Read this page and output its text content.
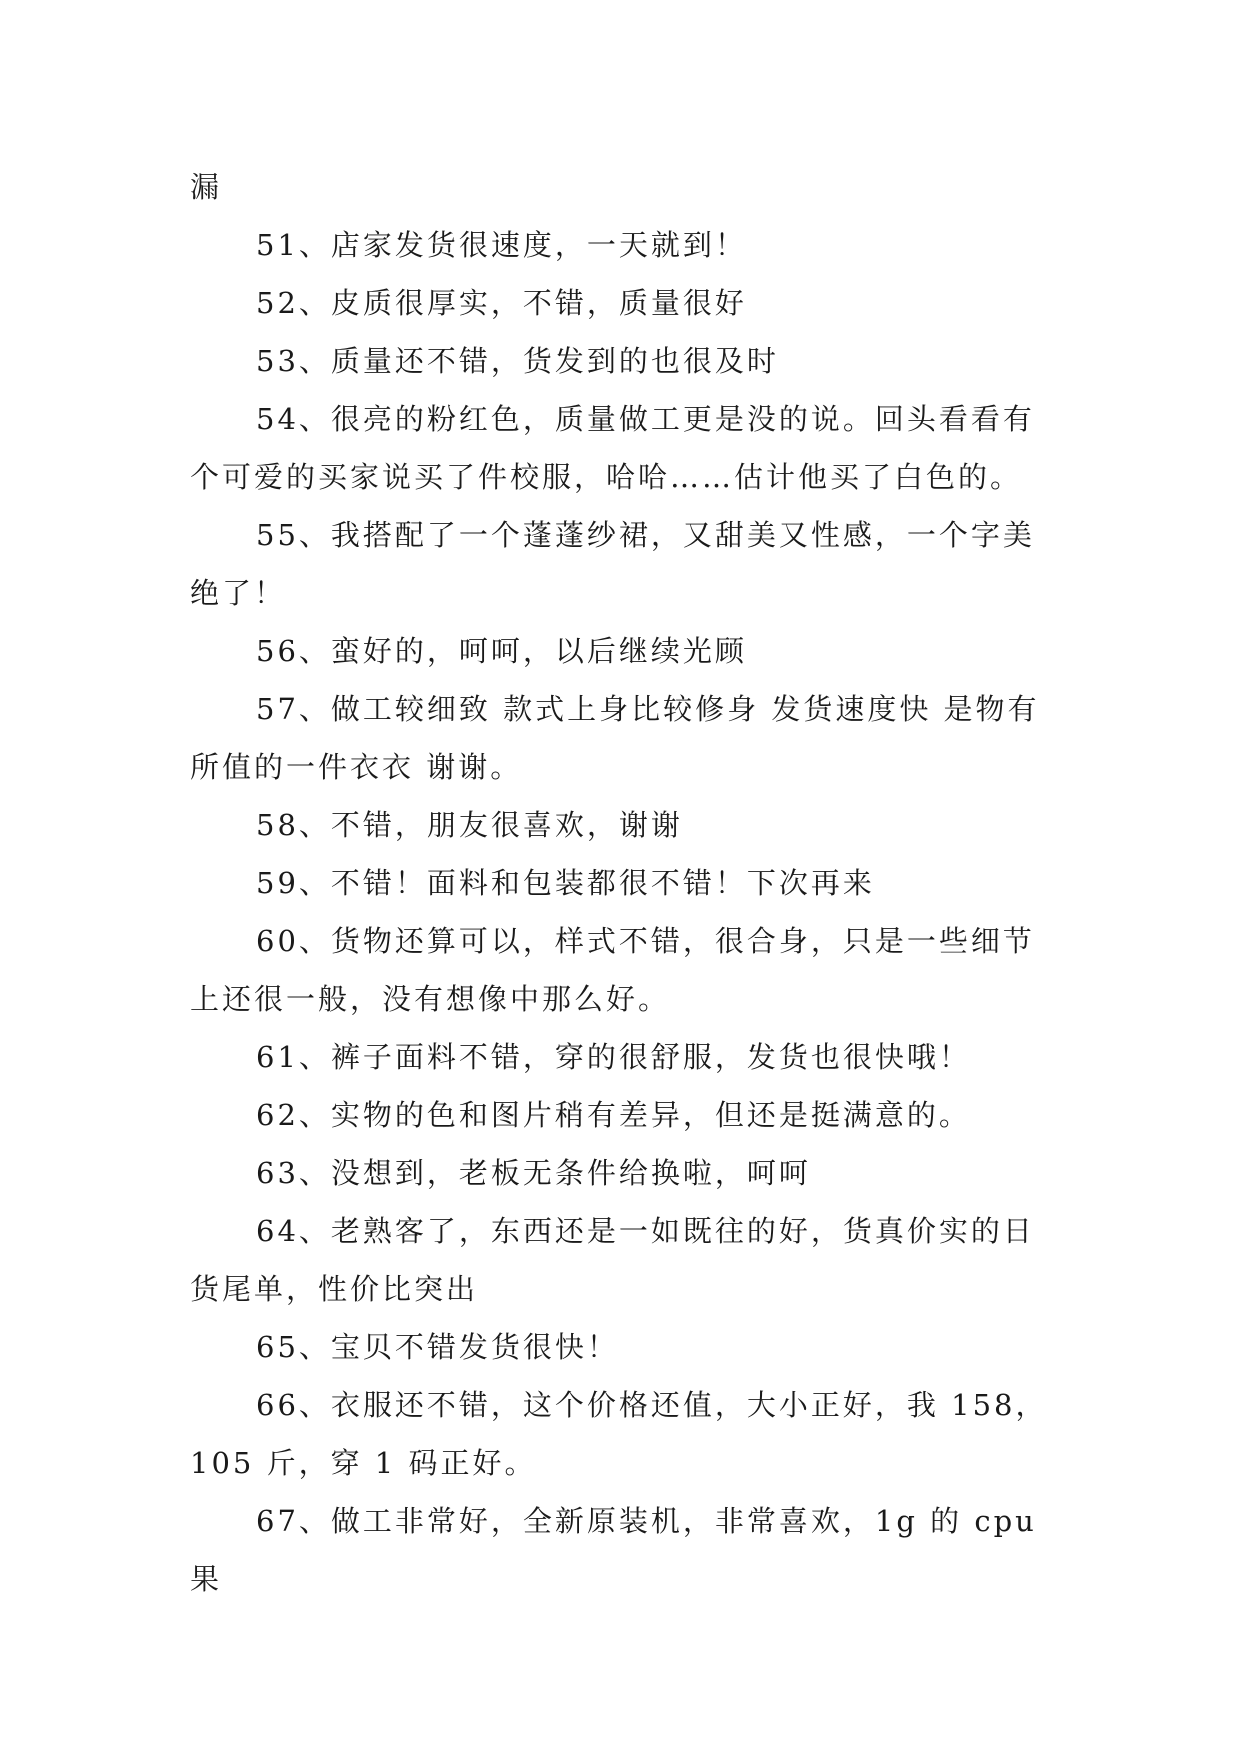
漏

51、店家发货很速度，一天就到！

52、皮质很厚实，不错，质量很好

53、质量还不错，货发到的也很及时

54、很亮的粉红色，质量做工更是没的说。回头看看有个可爱的买家说买了件校服，哈哈……估计他买了白色的。

55、我搭配了一个蓬蓬纱裙，又甜美又性感，一个字美绝了！

56、蛮好的，呵呵，以后继续光顾

57、做工较细致 款式上身比较修身 发货速度快 是物有所值的一件衣衣 谢谢。

58、不错，朋友很喜欢，谢谢

59、不错！面料和包装都很不错！下次再来

60、货物还算可以，样式不错，很合身，只是一些细节上还很一般，没有想像中那么好。

61、裤子面料不错，穿的很舒服，发货也很快哦！

62、实物的色和图片稍有差异，但还是挺满意的。

63、没想到，老板无条件给换啦，呵呵

64、老熟客了，东西还是一如既往的好，货真价实的日货尾单，性价比突出

65、宝贝不错发货很快！

66、衣服还不错，这个价格还值，大小正好，我 158，105 斤，穿 1 码正好。

67、做工非常好，全新原装机，非常喜欢，1g 的 cpu 果
